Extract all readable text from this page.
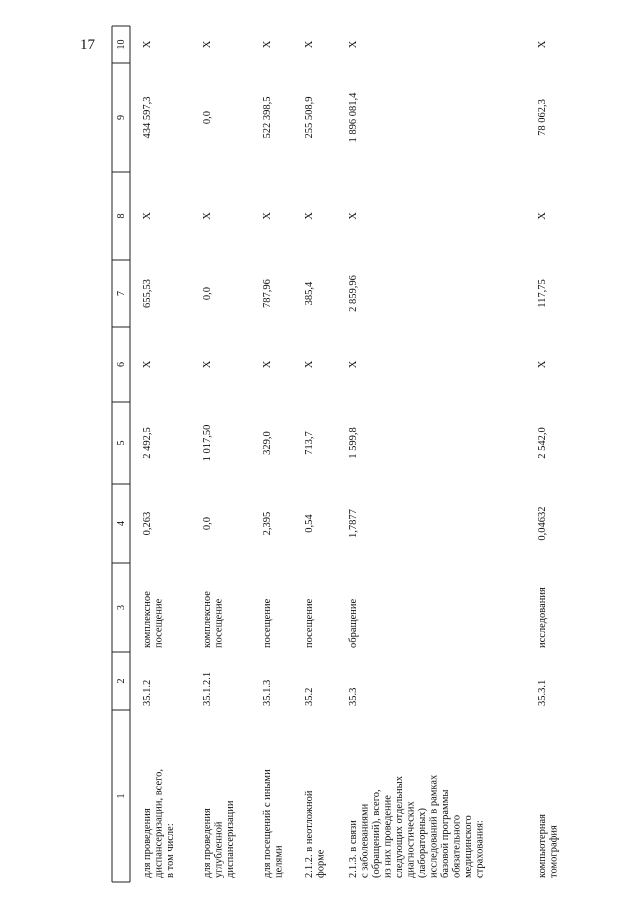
17 10
9
8
7
6
5
4
3
2
1
X
434 597,3
X
655,53
X
2 492,5
0,263
комплексное посещение
35.1.2
для проведения диспансеризации, всего, в том числе:
X
0,0
X
0,0
X
1 017,50
0,0
комплексное посещение
35.1.2.1
для проведения углубленной диспансеризации
X
522 398,5
X
787,96
X
329,0
2,395
посещение
35.1.3
для посещений с иными целями
X
255 508,9
X
385,4
X
713,7
0,54
посещение
35.2
2.1.2. в неотложной форме
X
1 896 081,4
X
2 859,96
X
1 599,8
1,7877
обращение
35.3
2.1.3. в связи с заболеваниями (обращений), всего, из них проведение следующих отдельных диагностических (лабораторных) исследований в рамках базовой программы обязательного медицинского страхования:
X
78 062,3
X
117,75
X
2 542,0
0,04632
исследования
35.3.1
компьютерная томография
